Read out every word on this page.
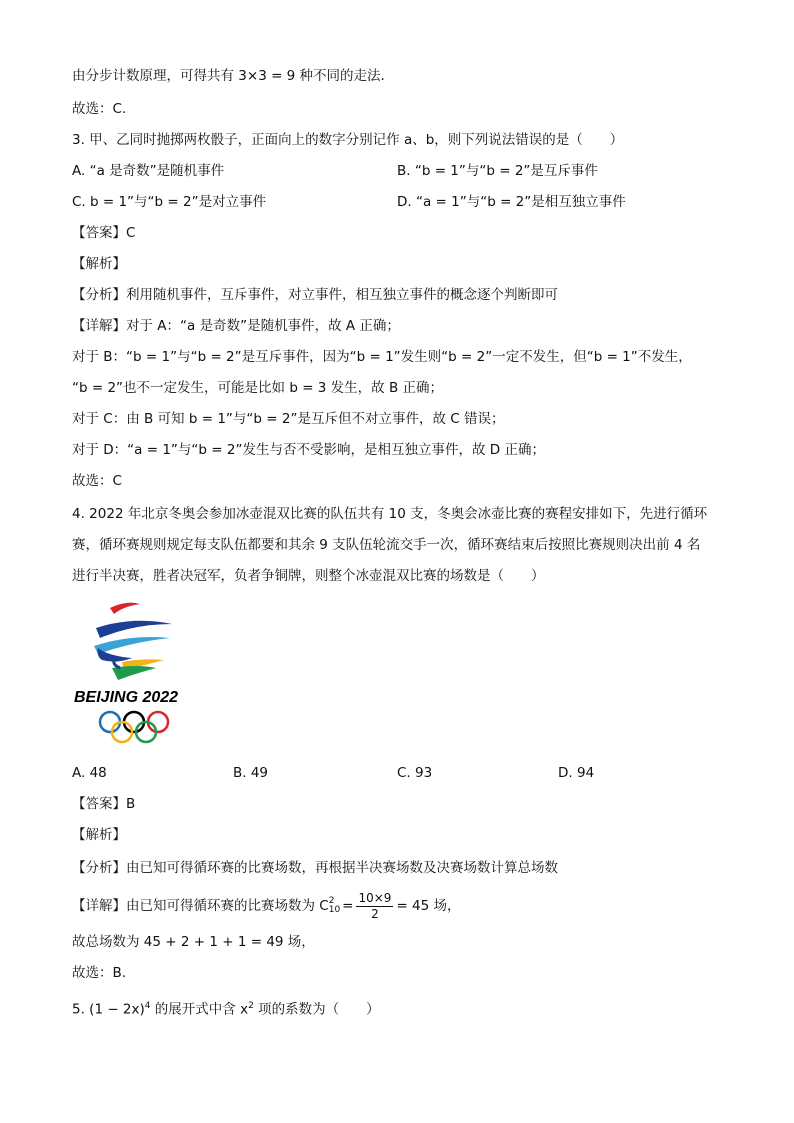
由分步计数原理，可得共有 3×3 = 9 种不同的走法.
故选：C.
3. 甲、乙同时抛掷两枚骰子，正面向上的数字分别记作 a、b，则下列说法错误的是（　　）
A. “a 是奇数”是随机事件	B. “b = 1”与“b = 2”是互斥事件
C. b = 1”与“b = 2”是对立事件	D. “a = 1”与“b = 2”是相互独立事件
【答案】C
【解析】
【分析】利用随机事件，互斥事件，对立事件，相互独立事件的概念逐个判断即可
【详解】对于 A：“a 是奇数”是随机事件，故 A 正确；
对于 B：“b = 1”与“b = 2”是互斥事件，因为“b = 1”发生则“b = 2”一定不发生，但“b = 1”不发生，
“b = 2”也不一定发生，可能是比如 b = 3 发生，故 B 正确；
对于 C：由 B 可知 b = 1”与“b = 2”是互斥但不对立事件，故 C 错误；
对于 D：“a = 1”与“b = 2”发生与否不受影响，是相互独立事件，故 D 正确；
故选：C
4. 2022 年北京冬奥会参加冰壶混双比赛的队伍共有 10 支，冬奥会冰壶比赛的赛程安排如下，先进行循环
赛，循环赛规则规定每支队伍都要和其余 9 支队伍轮流交手一次，循环赛结束后按照比赛规则决出前 4 名
进行半决赛，胜者决冠军，负者争铜牌，则整个冰壶混双比赛的场数是（　　）
BEIJING 2022
A. 48	B. 49	C. 93	D. 94
【答案】B
【解析】
【分析】由已知可得循环赛的比赛场数，再根据半决赛场数及决赛场数计算总场数
【详解】由已知可得循环赛的比赛场数为 C 2
$10 = \frac{10\times 9}{2} = 45$ 场，
故总场数为 45 + 2 + 1 + 1 = 49 场，
故选：B.
5. $(1 - 2x)^4$ 的展开式中含 $x^2$ 项的系数为（　　）
